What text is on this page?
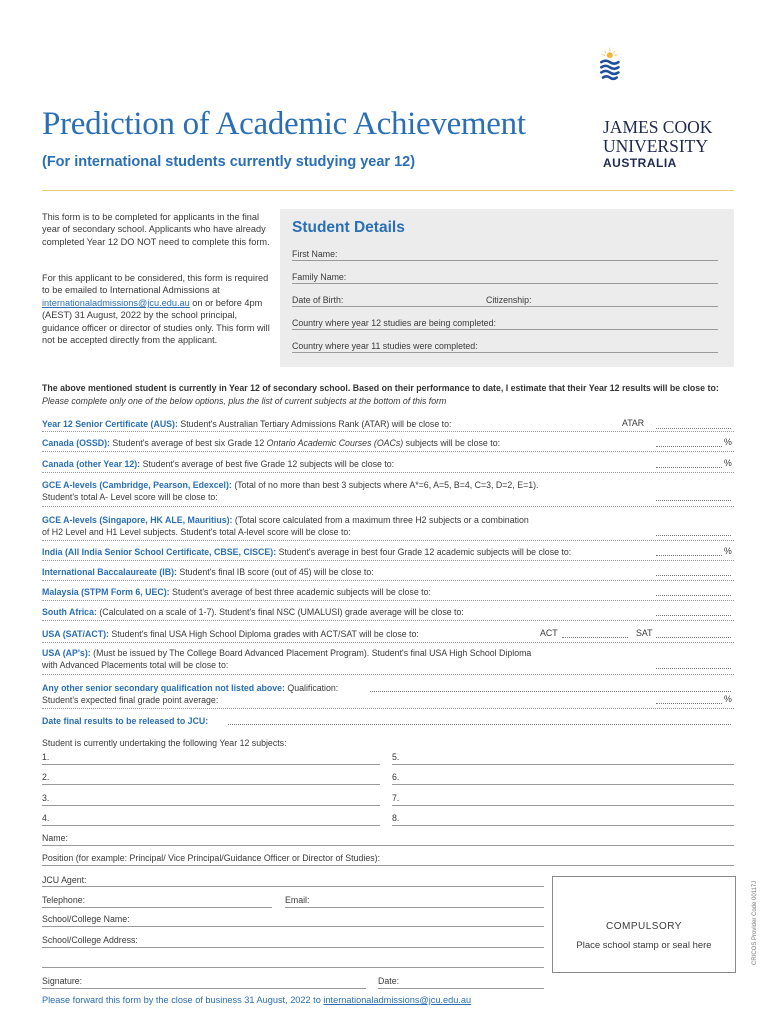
Prediction of Academic Achievement
(For international students currently studying year 12)
JAMES COOK
UNIVERSITY
AUSTRALIA
This form is to be completed for applicants in the final year of secondary school. Applicants who have already completed Year 12 DO NOT need to complete this form.
For this applicant to be considered, this form is required to be emailed to International Admissions at internationaladmissions@jcu.edu.au on or before 4pm (AEST) 31 August, 2022 by the school principal, guidance officer or director of studies only. This form will not be accepted directly from the applicant.
Student Details
First Name:
Family Name:
Date of Birth:	Citizenship:
Country where year 12 studies are being completed:
Country where year 11 studies were completed:
The above mentioned student is currently in Year 12 of secondary school. Based on their performance to date, I estimate that their Year 12 results will be close to: Please complete only one of the below options, plus the list of current subjects at the bottom of this form
Year 12 Senior Certificate (AUS): Student's Australian Tertiary Admissions Rank (ATAR) will be close to:	ATAR
Canada (OSSD): Student's average of best six Grade 12 Ontario Academic Courses (OACs) subjects will be close to:	%
Canada (other Year 12): Student's average of best five Grade 12 subjects will be close to:	%
GCE A-levels (Cambridge, Pearson, Edexcel): (Total of no more than best 3 subjects where A*=6, A=5, B=4, C=3, D=2, E=1).
Student's total A- Level score will be close to:
GCE A-levels (Singapore, HK ALE, Mauritius): (Total score calculated from a maximum three H2 subjects or a combination
of H2 Level and H1 Level subjects. Student's total A-level score will be close to:
India (All India Senior School Certificate, CBSE, CISCE): Student's average in best four Grade 12 academic subjects will be close to:	%
International Baccalaureate (IB): Student's final IB score (out of 45) will be close to:
Malaysia (STPM Form 6, UEC): Student's average of best three academic subjects will be close to:
South Africa: (Calculated on a scale of 1-7). Student's final NSC (UMALUSI) grade average will be close to:
USA (SAT/ACT): Student's final USA High School Diploma grades with ACT/SAT will be close to:	ACT	SAT
USA (AP's): (Must be issued by The College Board Advanced Placement Program). Student's final USA High School Diploma
with Advanced Placements total will be close to:
Any other senior secondary qualification not listed above: Qualification:
Student's expected final grade point average:	%
Date final results to be released to JCU:
Student is currently undertaking the following Year 12 subjects:
1.	5.
2.	6.
3.	7.
4.	8.
Name:
Position (for example: Principal/ Vice Principal/Guidance Officer or Director of Studies):
JCU Agent:
Telephone:	Email:
School/College Name:
School/College Address:
Signature:	Date:
COMPULSORY
Place school stamp or seal here	CRICOS Provider Code 00117J
Please forward this form by the close of business 31 August, 2022 to internationaladmissions@jcu.edu.au
